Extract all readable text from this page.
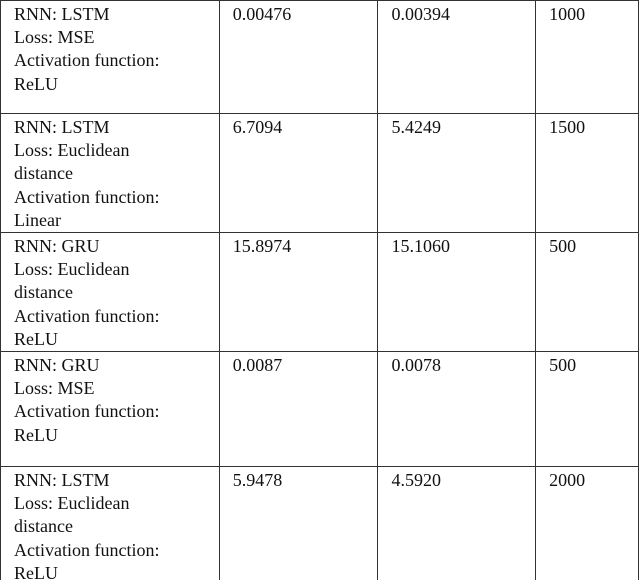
RNN: LSTM
Loss: MSE
Activation function:
ReLU	0.00476	0.00394	1000

RNN: LSTM
Loss: Euclidean
distance
Activation function:
Linear	6.7094	5.4249	1500

RNN: GRU
Loss: Euclidean
distance
Activation function:
ReLU	15.8974	15.1060	500

RNN: GRU
Loss: MSE
Activation function:
ReLU	0.0087	0.0078	500

RNN: LSTM
Loss: Euclidean
distance
Activation function:
ReLU	5.9478	4.5920	2000
